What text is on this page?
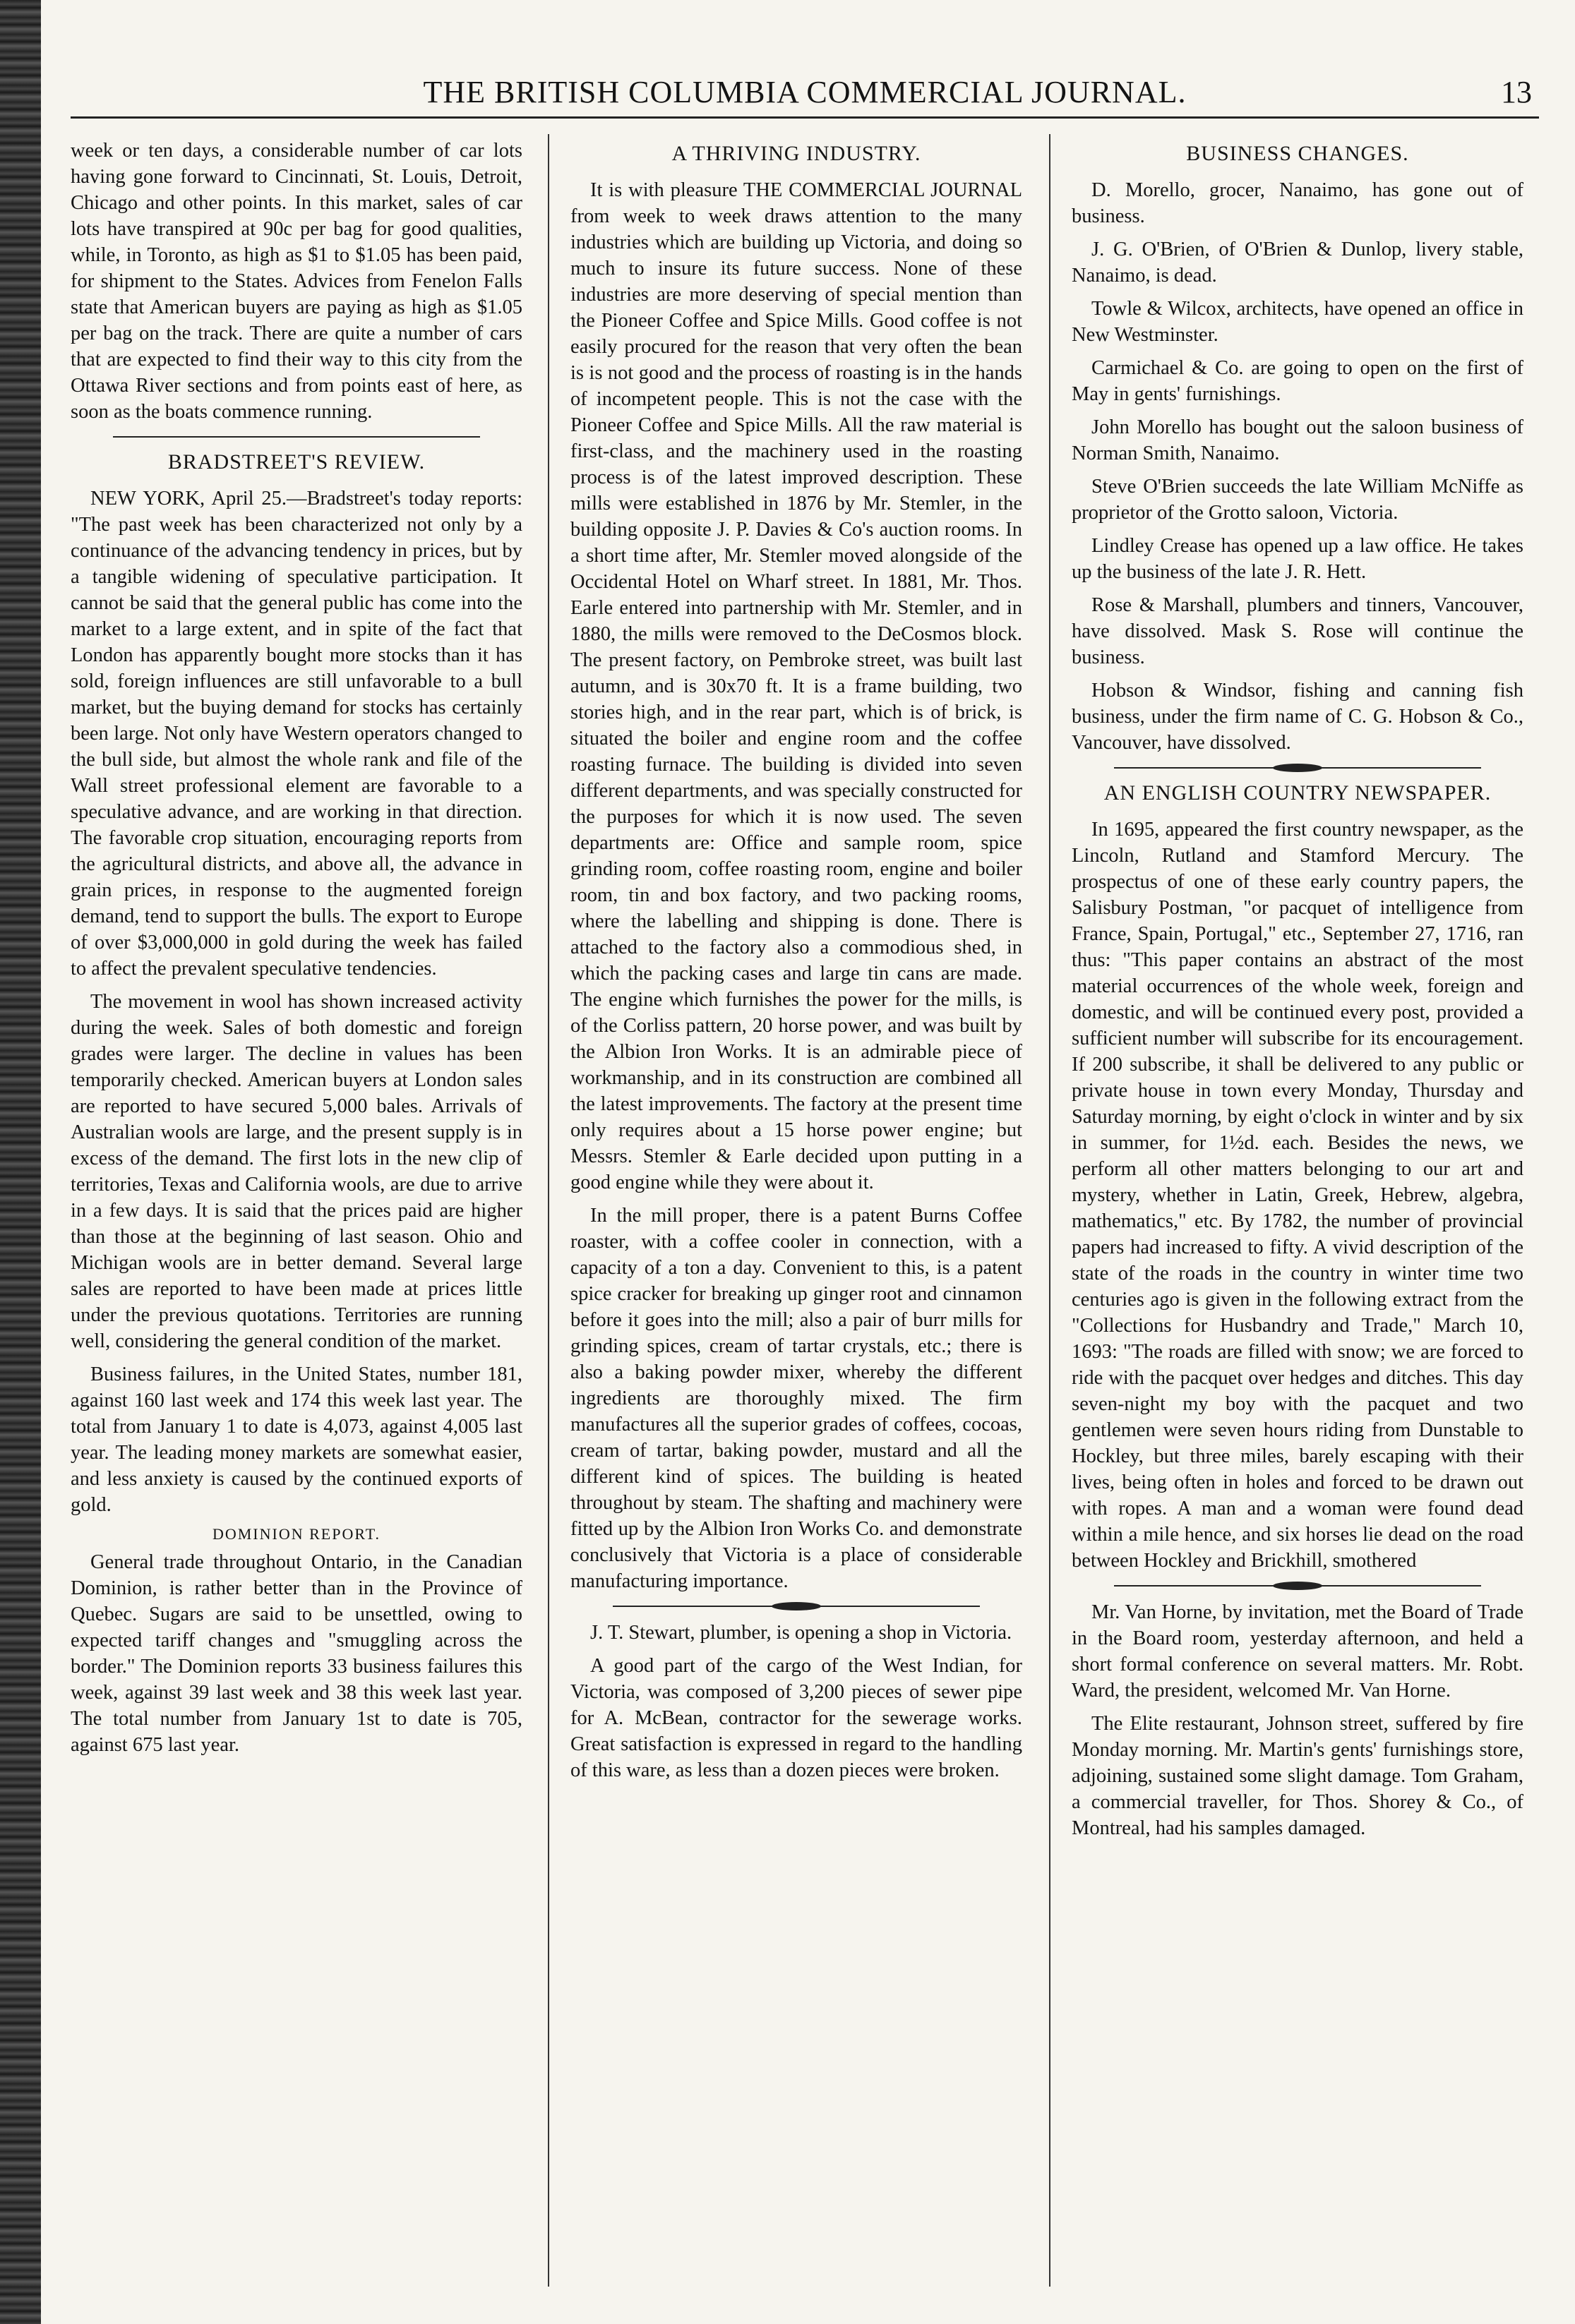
THE BRITISH COLUMBIA COMMERCIAL JOURNAL.	13

week or ten days, a considerable number of car lots having gone forward to Cincinnati, St. Louis, Detroit, Chicago and other points. In this market, sales of car lots have transpired at 90c per bag for good qualities, while, in Toronto, as high as $1 to $1.05 has been paid, for shipment to the States. Advices from Fenelon Falls state that American buyers are paying as high as $1.05 per bag on the track. There are quite a number of cars that are expected to find their way to this city from the Ottawa River sections and from points east of here, as soon as the boats commence running.

BRADSTREET'S REVIEW.

NEW YORK, April 25.—Bradstreet's today reports: "The past week has been characterized not only by a continuance of the advancing tendency in prices, but by a tangible widening of speculative participation. It cannot be said that the general public has come into the market to a large extent, and in spite of the fact that London has apparently bought more stocks than it has sold, foreign influences are still unfavorable to a bull market, but the buying demand for stocks has certainly been large. Not only have Western operators changed to the bull side, but almost the whole rank and file of the Wall street professional element are favorable to a speculative advance, and are working in that direction. The favorable crop situation, encouraging reports from the agricultural districts, and above all, the advance in grain prices, in response to the augmented foreign demand, tend to support the bulls. The export to Europe of over $3,000,000 in gold during the week has failed to affect the prevalent speculative tendencies.

The movement in wool has shown increased activity during the week. Sales of both domestic and foreign grades were larger. The decline in values has been temporarily checked. American buyers at London sales are reported to have secured 5,000 bales. Arrivals of Australian wools are large, and the present supply is in excess of the demand. The first lots in the new clip of territories, Texas and California wools, are due to arrive in a few days. It is said that the prices paid are higher than those at the beginning of last season. Ohio and Michigan wools are in better demand. Several large sales are reported to have been made at prices little under the previous quotations. Territories are running well, considering the general condition of the market.

Business failures, in the United States, number 181, against 160 last week and 174 this week last year. The total from January 1 to date is 4,073, against 4,005 last year. The leading money markets are somewhat easier, and less anxiety is caused by the continued exports of gold.

DOMINION REPORT.

General trade throughout Ontario, in the Canadian Dominion, is rather better than in the Province of Quebec. Sugars are said to be unsettled, owing to expected tariff changes and "smuggling across the border." The Dominion reports 33 business failures this week, against 39 last week and 38 this week last year. The total number from January 1st to date is 705, against 675 last year.

A THRIVING INDUSTRY.

It is with pleasure THE COMMERCIAL JOURNAL from week to week draws attention to the many industries which are building up Victoria, and doing so much to insure its future success. None of these industries are more deserving of special mention than the Pioneer Coffee and Spice Mills. Good coffee is not easily procured for the reason that very often the bean is is not good and the process of roasting is in the hands of incompetent people. This is not the case with the Pioneer Coffee and Spice Mills. All the raw material is first-class, and the machinery used in the roasting process is of the latest improved description. These mills were established in 1876 by Mr. Stemler, in the building opposite J. P. Davies & Co's auction rooms. In a short time after, Mr. Stemler moved alongside of the Occidental Hotel on Wharf street. In 1881, Mr. Thos. Earle entered into partnership with Mr. Stemler, and in 1880, the mills were removed to the DeCosmos block. The present factory, on Pembroke street, was built last autumn, and is 30x70 ft. It is a frame building, two stories high, and in the rear part, which is of brick, is situated the boiler and engine room and the coffee roasting furnace. The building is divided into seven different departments, and was specially constructed for the purposes for which it is now used. The seven departments are: Office and sample room, spice grinding room, coffee roasting room, engine and boiler room, tin and box factory, and two packing rooms, where the labelling and shipping is done. There is attached to the factory also a commodious shed, in which the packing cases and large tin cans are made. The engine which furnishes the power for the mills, is of the Corliss pattern, 20 horse power, and was built by the Albion Iron Works. It is an admirable piece of workmanship, and in its construction are combined all the latest improvements. The factory at the present time only requires about a 15 horse power engine; but Messrs. Stemler & Earle decided upon putting in a good engine while they were about it.

In the mill proper, there is a patent Burns Coffee roaster, with a coffee cooler in connection, with a capacity of a ton a day. Convenient to this, is a patent spice cracker for breaking up ginger root and cinnamon before it goes into the mill; also a pair of burr mills for grinding spices, cream of tartar crystals, etc.; there is also a baking powder mixer, whereby the different ingredients are thoroughly mixed. The firm manufactures all the superior grades of coffees, cocoas, cream of tartar, baking powder, mustard and all the different kind of spices. The building is heated throughout by steam. The shafting and machinery were fitted up by the Albion Iron Works Co. and demonstrate conclusively that Victoria is a place of considerable manufacturing importance.

J. T. Stewart, plumber, is opening a shop in Victoria.

A good part of the cargo of the West Indian, for Victoria, was composed of 3,200 pieces of sewer pipe for A. McBean, contractor for the sewerage works. Great satisfaction is expressed in regard to the handling of this ware, as less than a dozen pieces were broken.

BUSINESS CHANGES.

D. Morello, grocer, Nanaimo, has gone out of business.

J. G. O'Brien, of O'Brien & Dunlop, livery stable, Nanaimo, is dead.

Towle & Wilcox, architects, have opened an office in New Westminster.

Carmichael & Co. are going to open on the first of May in gents' furnishings.

John Morello has bought out the saloon business of Norman Smith, Nanaimo.

Steve O'Brien succeeds the late William McNiffe as proprietor of the Grotto saloon, Victoria.

Lindley Crease has opened up a law office. He takes up the business of the late J. R. Hett.

Rose & Marshall, plumbers and tinners, Vancouver, have dissolved. Mask S. Rose will continue the business.

Hobson & Windsor, fishing and canning fish business, under the firm name of C. G. Hobson & Co., Vancouver, have dissolved.

AN ENGLISH COUNTRY NEWSPAPER.

In 1695, appeared the first country newspaper, as the Lincoln, Rutland and Stamford Mercury. The prospectus of one of these early country papers, the Salisbury Postman, "or pacquet of intelligence from France, Spain, Portugal," etc., September 27, 1716, ran thus: "This paper contains an abstract of the most material occurrences of the whole week, foreign and domestic, and will be continued every post, provided a sufficient number will subscribe for its encouragement. If 200 subscribe, it shall be delivered to any public or private house in town every Monday, Thursday and Saturday morning, by eight o'clock in winter and by six in summer, for 1½d. each. Besides the news, we perform all other matters belonging to our art and mystery, whether in Latin, Greek, Hebrew, algebra, mathematics," etc. By 1782, the number of provincial papers had increased to fifty. A vivid description of the state of the roads in the country in winter time two centuries ago is given in the following extract from the "Collections for Husbandry and Trade," March 10, 1693: "The roads are filled with snow; we are forced to ride with the pacquet over hedges and ditches. This day seven-night my boy with the pacquet and two gentlemen were seven hours riding from Dunstable to Hockley, but three miles, barely escaping with their lives, being often in holes and forced to be drawn out with ropes. A man and a woman were found dead within a mile hence, and six horses lie dead on the road between Hockley and Brickhill, smothered

Mr. Van Horne, by invitation, met the Board of Trade in the Board room, yesterday afternoon, and held a short formal conference on several matters. Mr. Robt. Ward, the president, welcomed Mr. Van Horne.

The Elite restaurant, Johnson street, suffered by fire Monday morning. Mr. Martin's gents' furnishings store, adjoining, sustained some slight damage. Tom Graham, a commercial traveller, for Thos. Shorey & Co., of Montreal, had his samples damaged.
